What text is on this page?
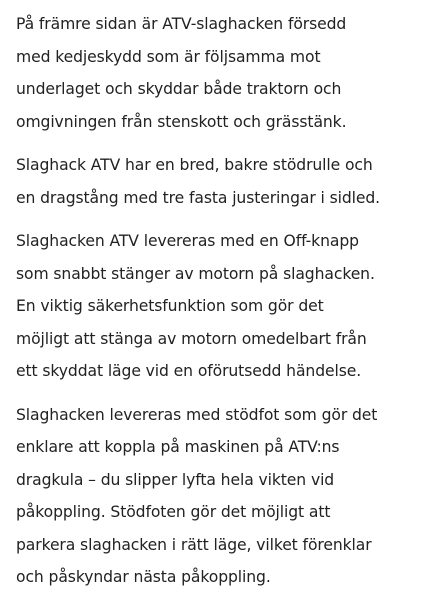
På främre sidan är ATV-slaghacken försedd
med kedjeskydd som är följsamma mot
underlaget och skyddar både traktorn och
omgivningen från stenskott och grässtänk.

Slaghack ATV har en bred, bakre stödrulle och
en dragstång med tre fasta justeringar i sidled.

Slaghacken ATV levereras med en Off-knapp
som snabbt stänger av motorn på slaghacken.
En viktig säkerhetsfunktion som gör det
möjligt att stänga av motorn omedelbart från
ett skyddat läge vid en oförutsedd händelse.

Slaghacken levereras med stödfot som gör det
enklare att koppla på maskinen på ATV:ns
dragkula – du slipper lyfta hela vikten vid
påkoppling. Stödfoten gör det möjligt att
parkera slaghacken i rätt läge, vilket förenklar
och påskyndar nästa påkoppling.
